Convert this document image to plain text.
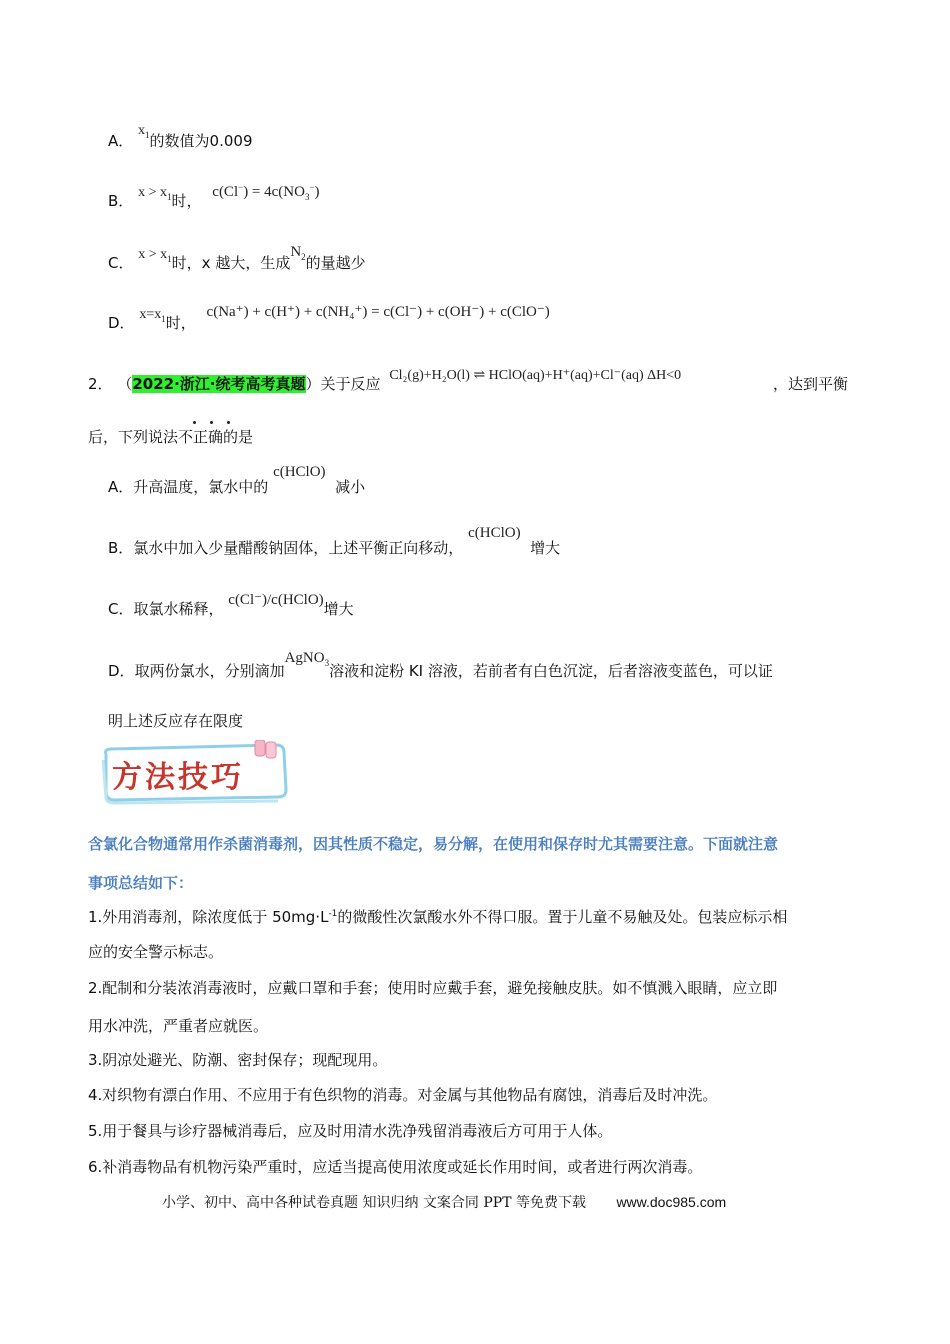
A． $x_1$的数值为0.009
B． $x > x_1$时， $c(Cl^-) = 4c(NO_3^-)$
C． $x > x_1$时，x 越大，生成$N_2$的量越少
D． $x=x_1$时， c(Na⁺) + c(H⁺) + c(NH₄⁺) = c(Cl⁻) + c(OH⁻) + c(ClO⁻)
2． （2022·浙江·统考高考真题）关于反应 Cl₂(g)+H₂O(l) ⇌ HClO(aq)+H⁺(aq)+Cl⁻(aq) ΔH<0	，达到平衡
后，下列说法不正确的是
A．升高温度，氯水中的 c(HClO)减小
B．氯水中加入少量醋酸钠固体，上述平衡正向移动， c(HClO)增大
C．取氯水稀释， c(Cl⁻)/c(HClO)增大
D．取两份氯水，分别滴加AgNO$_3$溶液和淀粉 KI 溶液，若前者有白色沉淀，后者溶液变蓝色，可以证
明上述反应存在限度
方法技巧
含氯化合物通常用作杀菌消毒剂，因其性质不稳定，易分解，在使用和保存时尤其需要注意。下面就注意
事项总结如下：
1.外用消毒剂，除浓度低于 $50mg\cdot L^{-1}$的微酸性次氯酸水外不得口服。置于儿童不易触及处。包装应标示相
应的安全警示标志。
2.配制和分装浓消毒液时，应戴口罩和手套；使用时应戴手套，避免接触皮肤。如不慎溅入眼睛，应立即
用水冲洗，严重者应就医。
3.阴凉处避光、防潮、密封保存；现配现用。
4.对织物有漂白作用、不应用于有色织物的消毒。对金属与其他物品有腐蚀，消毒后及时冲洗。
5.用于餐具与诊疗器械消毒后，应及时用清水洗净残留消毒液后方可用于人体。
6.补消毒物品有机物污染严重时，应适当提高使用浓度或延长作用时间，或者进行两次消毒。
小学、初中、高中各种试卷真题 知识归纳 文案合同 PPT 等免费下载 www.doc985.com
